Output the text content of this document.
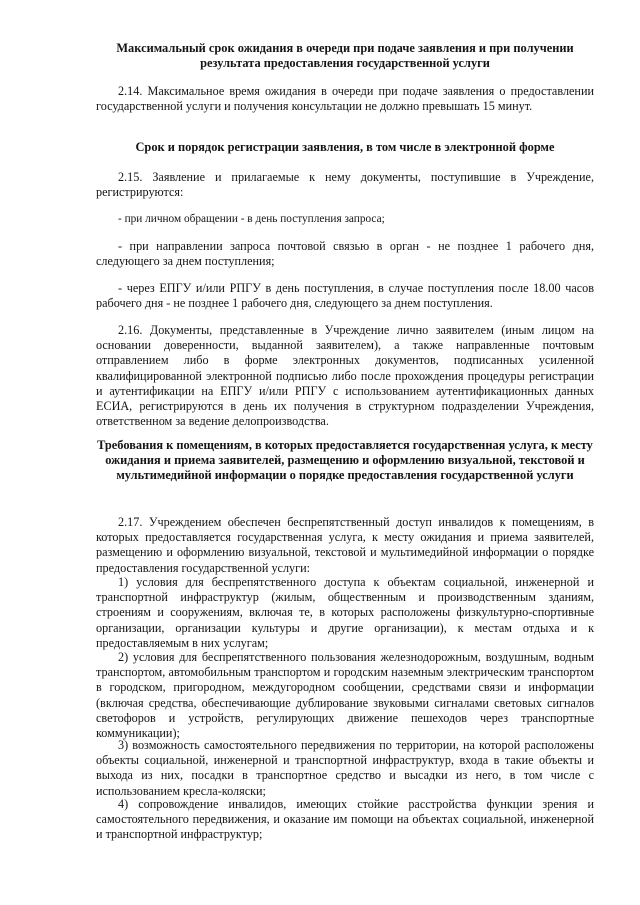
Максимальный срок ожидания в очереди при подаче заявления и при получении результата предоставления государственной услуги

2.14. Максимальное время ожидания в очереди при подаче заявления о предоставлении государственной услуги и получения консультации не должно превышать 15 минут.

Срок и порядок регистрации заявления, в том числе в электронной форме

2.15. Заявление и прилагаемые к нему документы, поступившие в Учреждение, регистрируются:

- при личном обращении - в день поступления запроса;

- при направлении запроса почтовой связью в орган - не позднее 1 рабочего дня, следующего за днем поступления;

- через ЕПГУ и/или РПГУ в день поступления, в случае поступления после 18.00 часов рабочего дня - не позднее 1 рабочего дня, следующего за днем поступления.

2.16. Документы, представленные в Учреждение лично заявителем (иным лицом на основании доверенности, выданной заявителем), а также направленные почтовым отправлением либо в форме электронных документов, подписанных усиленной квалифицированной электронной подписью либо после прохождения процедуры регистрации и аутентификации на ЕПГУ и/или РПГУ с использованием аутентификационных данных ЕСИА, регистрируются в день их получения в структурном подразделении Учреждения, ответственном за ведение делопроизводства.

Требования к помещениям, в которых предоставляется государственная услуга, к месту ожидания и приема заявителей, размещению и оформлению визуальной, текстовой и мультимедийной информации о порядке предоставления государственной услуги

2.17. Учреждением обеспечен беспрепятственный доступ инвалидов к помещениям, в которых предоставляется государственная услуга, к месту ожидания и приема заявителей, размещению и оформлению визуальной, текстовой и мультимедийной информации о порядке предоставления государственной услуги:

1) условия для беспрепятственного доступа к объектам социальной, инженерной и транспортной инфраструктур (жилым, общественным и производственным зданиям, строениям и сооружениям, включая те, в которых расположены физкультурно-спортивные организации, организации культуры и другие организации), к местам отдыха и к предоставляемым в них услугам;

2) условия для беспрепятственного пользования железнодорожным, воздушным, водным транспортом, автомобильным транспортом и городским наземным электрическим транспортом в городском, пригородном, междугородном сообщении, средствами связи и информации (включая средства, обеспечивающие дублирование звуковыми сигналами световых сигналов светофоров и устройств, регулирующих движение пешеходов через транспортные коммуникации);

3) возможность самостоятельного передвижения по территории, на которой расположены объекты социальной, инженерной и транспортной инфраструктур, входа в такие объекты и выхода из них, посадки в транспортное средство и высадки из него, в том числе с использованием кресла-коляски;

4) сопровождение инвалидов, имеющих стойкие расстройства функции зрения и самостоятельного передвижения, и оказание им помощи на объектах социальной, инженерной и транспортной инфраструктур;
